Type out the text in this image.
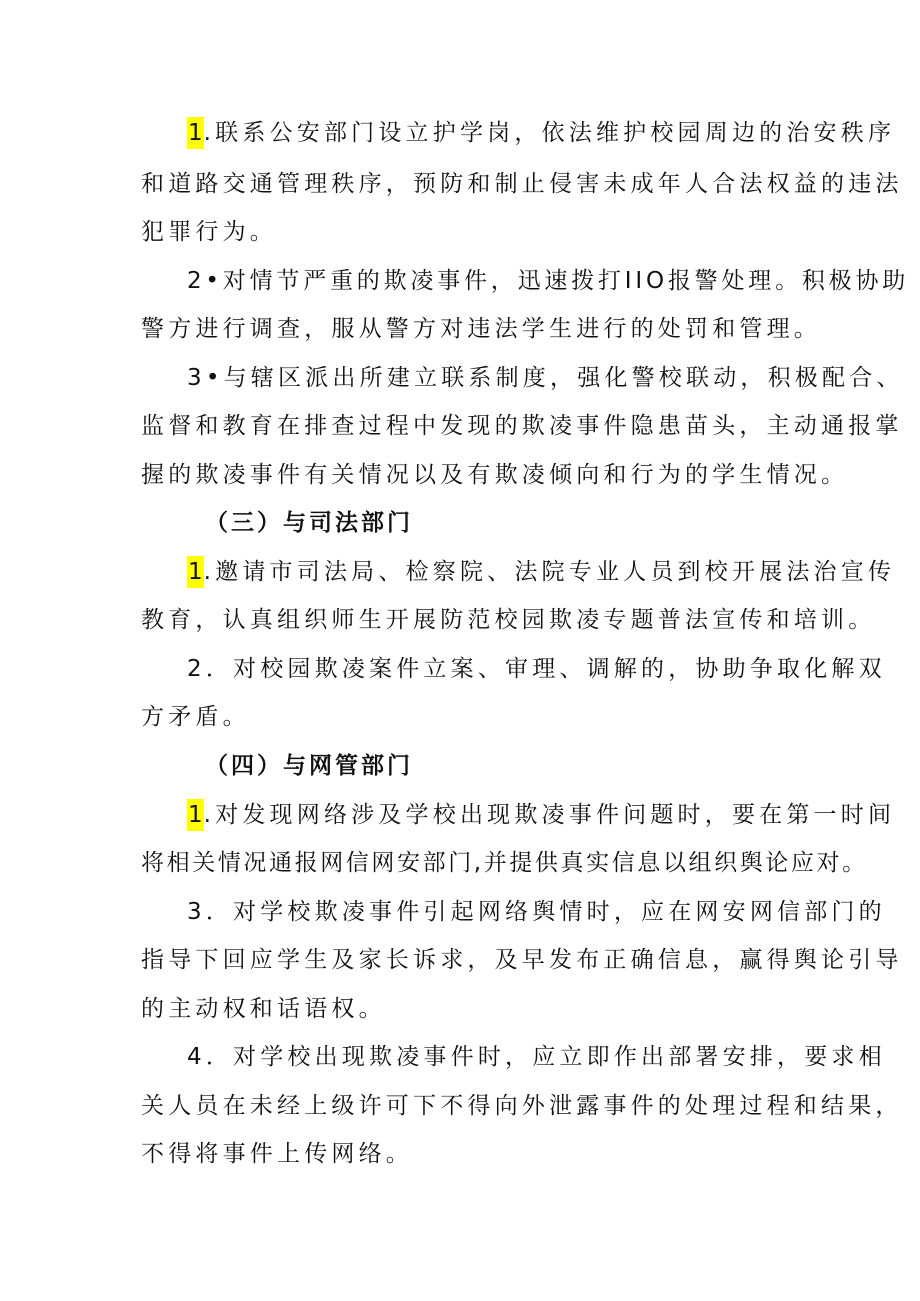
1.联系公安部门设立护学岗，依法维护校园周边的治安秩序
和道路交通管理秩序，预防和制止侵害未成年人合法权益的违法
犯罪行为。
2•对情节严重的欺凌事件，迅速拨打IIO报警处理。积极协助
警方进行调查，服从警方对违法学生进行的处罚和管理。
3•与辖区派出所建立联系制度，强化警校联动，积极配合、
监督和教育在排查过程中发现的欺凌事件隐患苗头，主动通报掌
握的欺凌事件有关情况以及有欺凌倾向和行为的学生情况。
（三）与司法部门
1.邀请市司法局、检察院、法院专业人员到校开展法治宣传
教育，认真组织师生开展防范校园欺凌专题普法宣传和培训。
2．对校园欺凌案件立案、审理、调解的，协助争取化解双
方矛盾。
（四）与网管部门
1.对发现网络涉及学校出现欺凌事件问题时，要在第一时间
将相关情况通报网信网安部门,并提供真实信息以组织舆论应对。
3．对学校欺凌事件引起网络舆情时，应在网安网信部门的
指导下回应学生及家长诉求，及早发布正确信息，赢得舆论引导
的主动权和话语权。
4．对学校出现欺凌事件时，应立即作出部署安排，要求相
关人员在未经上级许可下不得向外泄露事件的处理过程和结果，
不得将事件上传网络。
